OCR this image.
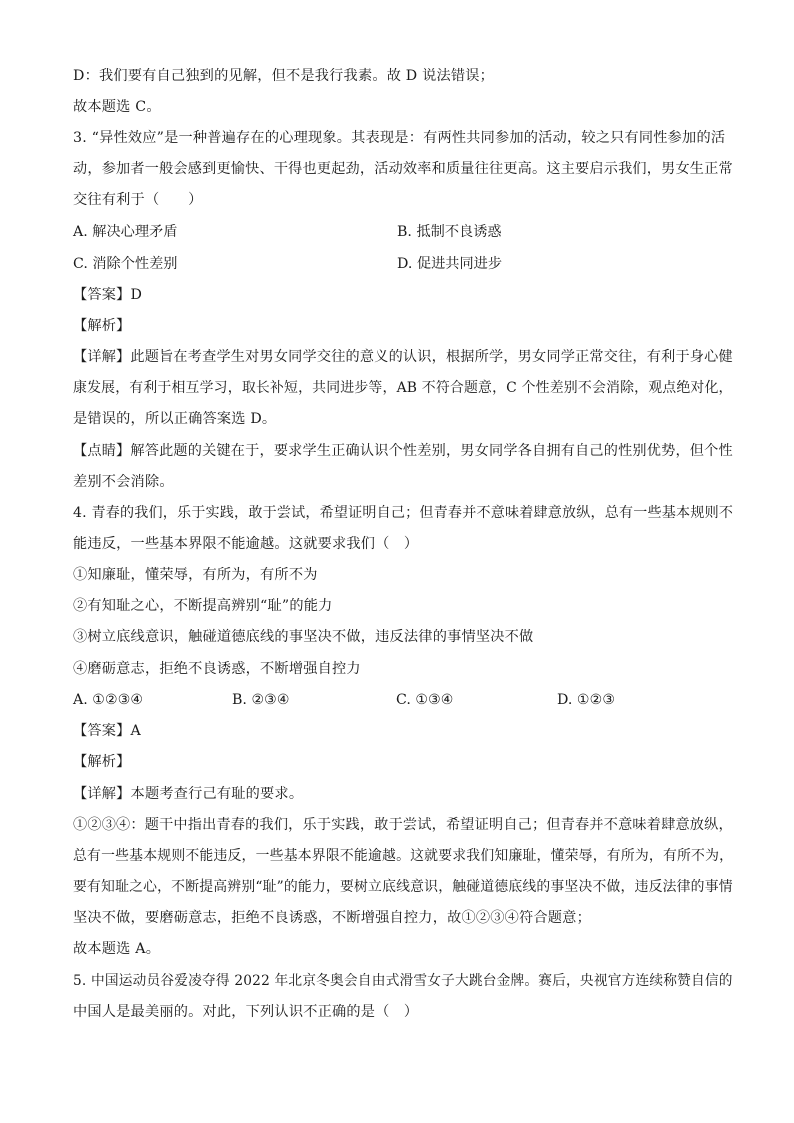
D：我们要有自己独到的见解，但不是我行我素。故 D 说法错误；
故本题选 C。
3. “异性效应”是一种普遍存在的心理现象。其表现是：有两性共同参加的活动，较之只有同性参加的活
动，参加者一般会感到更愉快、干得也更起劲，活动效率和质量往往更高。这主要启示我们，男女生正常
交往有利于（　　）
A. 解决心理矛盾	B. 抵制不良诱惑
C. 消除个性差别	D. 促进共同进步
【答案】D
【解析】
【详解】此题旨在考查学生对男女同学交往的意义的认识，根据所学，男女同学正常交往，有利于身心健
康发展，有利于相互学习，取长补短，共同进步等，AB 不符合题意，C 个性差别不会消除，观点绝对化，
是错误的，所以正确答案选 D。
【点睛】解答此题的关键在于，要求学生正确认识个性差别，男女同学各自拥有自己的性别优势，但个性
差别不会消除。
4. 青春的我们，乐于实践，敢于尝试，希望证明自己；但青春并不意味着肆意放纵，总有一些基本规则不
能违反，一些基本界限不能逾越。这就要求我们（　）
①知廉耻，懂荣辱，有所为，有所不为
②有知耻之心，不断提高辨别“耻”的能力
③树立底线意识，触碰道德底线的事坚决不做，违反法律的事情坚决不做
④磨砺意志，拒绝不良诱惑，不断增强自控力
A. ①②③④	B. ②③④	C. ①③④	D. ①②③
【答案】A
【解析】
【详解】本题考查行己有耻的要求。
①②③④：题干中指出青春的我们，乐于实践，敢于尝试，希望证明自己；但青春并不意味着肆意放纵，
总有一些基本规则不能违反，一些基本界限不能逾越。这就要求我们知廉耻，懂荣辱，有所为，有所不为，
要有知耻之心，不断提高辨别“耻”的能力，要树立底线意识，触碰道德底线的事坚决不做，违反法律的事情
坚决不做，要磨砺意志，拒绝不良诱惑，不断增强自控力，故①②③④符合题意；
故本题选 A。
5. 中国运动员谷爱凌夺得 2022 年北京冬奥会自由式滑雪女子大跳台金牌。赛后，央视官方连续称赞自信的
中国人是最美丽的。对此，下列认识不正确的是（　）
